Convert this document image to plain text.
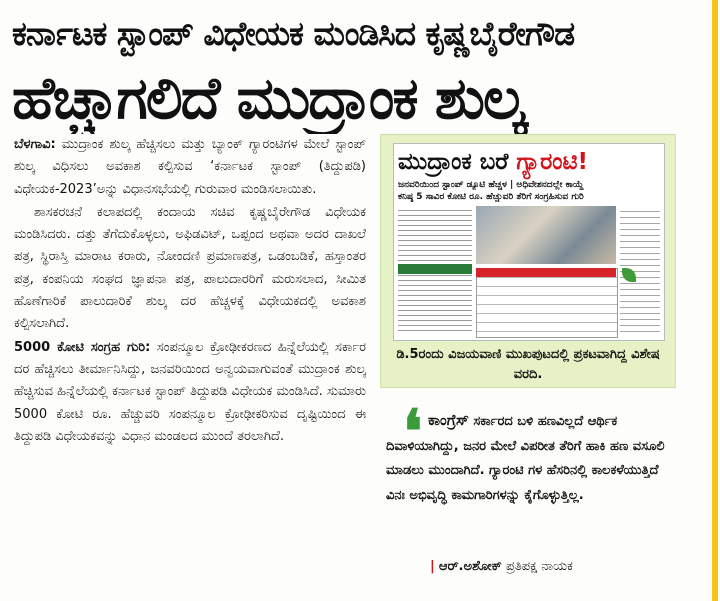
ಕರ್ನಾಟಕ ಸ್ಟಾಂಪ್ ವಿಧೇಯಕ ಮಂಡಿಸಿದ ಕೃಷ್ಣಬೈರೇಗೌಡ
ಹೆಚ್ಚಾಗಲಿದೆ ಮುದ್ರಾಂಕ ಶುಲ್ಕ

ಬೆಳಗಾವಿ: ಮುದ್ರಾಂಕ ಶುಲ್ಕ ಹೆಚ್ಚಿಸಲು ಮತ್ತು ಬ್ಯಾಂಕ್ ಗ್ಯಾರಂಟಿಗಳ ಮೇಲೆ ಸ್ಟಾಂಪ್ ಶುಲ್ಕ ವಿಧಿಸಲು ಅವಕಾಶ ಕಲ್ಪಿಸುವ ‘ಕರ್ನಾಟಕ ಸ್ಟಾಂಪ್ (ತಿದ್ದುಪಡಿ) ವಿಧೇಯಕ-2023’ಅನ್ನು ವಿಧಾನಸಭೆಯಲ್ಲಿ ಗುರುವಾರ ಮಂಡಿಸಲಾಯಿತು.

ಶಾಸಕರಚನೆ ಕಲಾಪದಲ್ಲಿ ಕಂದಾಯ ಸಚಿವ ಕೃಷ್ಣಬೈರೇಗೌಡ ವಿಧೇಯಕ ಮಂಡಿಸಿದರು. ದತ್ತು ತೆಗೆದುಕೊಳ್ಳಲು, ಅಫಿಡವಿಟ್, ಒಪ್ಪಂದ ಅಥವಾ ಅದರ ದಾಖಲೆ ಪತ್ರ, ಸ್ಥಿರಾಸ್ತಿ ಮಾರಾಟ ಕರಾರು, ನೋಂದಣಿ ಪ್ರಮಾಣಪತ್ರ, ಒಡಂಬಡಿಕೆ, ಹಸ್ತಾಂತರ ಪತ್ರ, ಕಂಪನಿಯ ಸಂಘದ ಜ್ಞಾಪನಾ ಪತ್ರ, ಪಾಲುದಾರರಿಗೆ ಮರುಸಲಾದ, ಸೀಮಿತ ಹೊಣೆಗಾರಿಕೆ ಪಾಲುದಾರಿಕೆ ಶುಲ್ಕ ದರ ಹೆಚ್ಚಳಕ್ಕೆ ವಿಧೇಯಕದಲ್ಲಿ ಅವಕಾಶ ಕಲ್ಪಿಸಲಾಗಿದೆ.

5000 ಕೋಟಿ ಸಂಗ್ರಹ ಗುರಿ: ಸಂಪನ್ಮೂಲ ಕ್ರೋಢೀಕರಣದ ಹಿನ್ನೆಲೆಯಲ್ಲಿ ಸರ್ಕಾರ ದರ ಹೆಚ್ಚಿಸಲು ತೀರ್ಮಾನಿಸಿದ್ದು, ಜನವರಿಯಿಂದ ಅನ್ವಯವಾಗುವಂತೆ ಮುದ್ರಾಂಕ ಶುಲ್ಕ ಹೆಚ್ಚಿಸುವ ಹಿನ್ನೆಲೆಯಲ್ಲಿ ಕರ್ನಾಟಕ ಸ್ಟಾಂಪ್ ತಿದ್ದುಪಡಿ ವಿಧೇಯಕ ಮಂಡಿಸಿದೆ. ಸುಮಾರು 5000 ಕೋಟಿ ರೂ. ಹೆಚ್ಚುವರಿ ಸಂಪನ್ಮೂಲ ಕ್ರೋಢೀಕರಿಸುವ ದೃಷ್ಟಿಯಿಂದ ಈ ತಿದ್ದುಪಡಿ ವಿಧೇಯಕವನ್ನು ವಿಧಾನ ಮಂಡಲದ ಮುಂದೆ ತರಲಾಗಿದೆ.

ಮುದ್ರಾಂಕ ಬರೆ ಗ್ಯಾರಂಟಿ!
ಜನವರಿಯಿಂದ ಸ್ಟಾಂಪ್ ಡ್ಯೂಟಿ ಹೆಚ್ಚಳ | ಅಧಿವೇಶನದಲ್ಲೇ ಕಾಯ್ದೆ
ಕನಿಷ್ಠ 5 ಸಾವಿರ ಕೋಟಿ ರೂ. ಹೆಚ್ಚುವರಿ ತೆರಿಗೆ ಸಂಗ್ರಹಿಸುವ ಗುರಿ
ಡಿ.5ರಂದು ವಿಜಯವಾಣಿ ಮುಖಪುಟದಲ್ಲಿ ಪ್ರಕಟವಾಗಿದ್ದ ವಿಶೇಷ ವರದಿ.
❛ ಕಾಂಗ್ರೆಸ್ ಸರ್ಕಾರದ ಬಳಿ ಹಣವಿಲ್ಲದೆ ಆರ್ಥಿಕ ದಿವಾಳಿಯಾಗಿದ್ದು, ಜನರ ಮೇಲೆ ವಿಪರೀತ ತೆರಿಗೆ ಹಾಕಿ ಹಣ ವಸೂಲಿ ಮಾಡಲು ಮುಂದಾಗಿದೆ. ಗ್ಯಾರಂಟಿ ಗಳ ಹೆಸರಿನಲ್ಲಿ ಕಾಲಕಳೆಯುತ್ತಿದೆ ವಿನಃ ಅಭಿವೃದ್ಧಿ ಕಾಮಗಾರಿಗಳನ್ನು ಕೈಗೊಳ್ಳುತ್ತಿಲ್ಲ.
| ಆರ್.ಅಶೋಕ್ ಪ್ರತಿಪಕ್ಷ ನಾಯಕ
